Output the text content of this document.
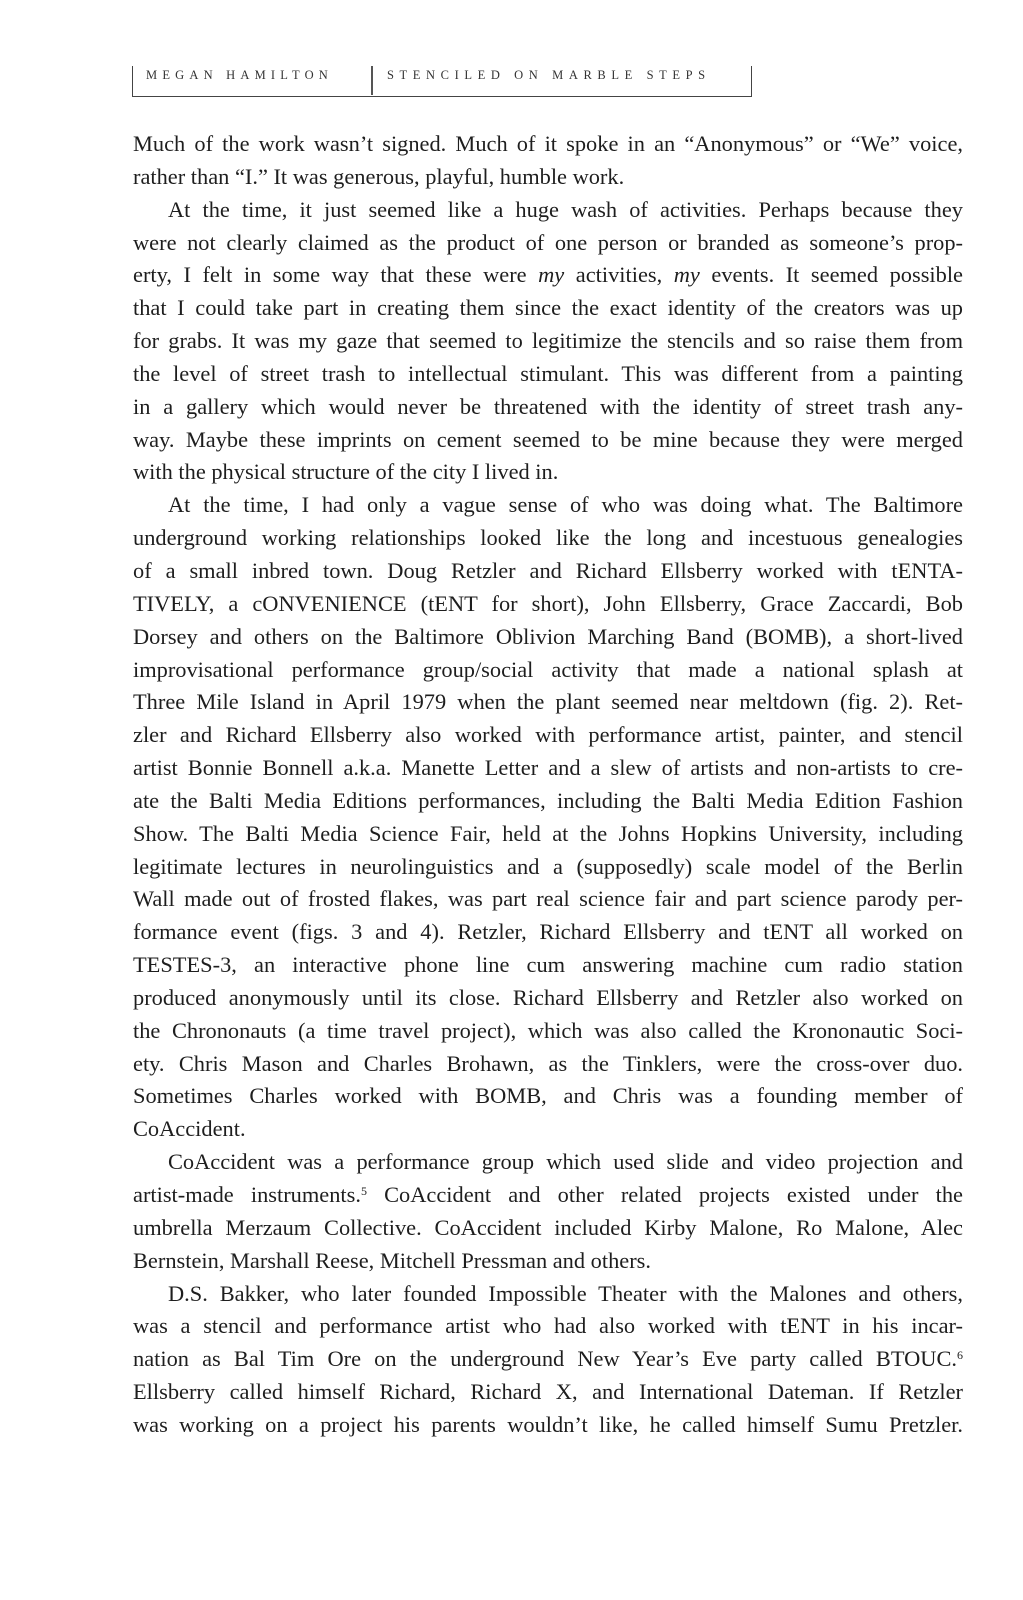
MEGAN HAMILTON	STENCILED ON MARBLE STEPS

Much of the work wasn’t signed. Much of it spoke in an “Anonymous” or “We” voice,
rather than “I.” It was generous, playful, humble work.

At the time, it just seemed like a huge wash of activities. Perhaps because they
were not clearly claimed as the product of one person or branded as someone’s prop-
erty, I felt in some way that these were my activities, my events. It seemed possible
that I could take part in creating them since the exact identity of the creators was up
for grabs. It was my gaze that seemed to legitimize the stencils and so raise them from
the level of street trash to intellectual stimulant. This was different from a painting
in a gallery which would never be threatened with the identity of street trash any-
way. Maybe these imprints on cement seemed to be mine because they were merged
with the physical structure of the city I lived in.

At the time, I had only a vague sense of who was doing what. The Baltimore
underground working relationships looked like the long and incestuous genealogies
of a small inbred town. Doug Retzler and Richard Ellsberry worked with tENTA-
TIVELY, a cONVENIENCE (tENT for short), John Ellsberry, Grace Zaccardi, Bob
Dorsey and others on the Baltimore Oblivion Marching Band (BOMB), a short-lived
improvisational performance group/social activity that made a national splash at
Three Mile Island in April 1979 when the plant seemed near meltdown (fig. 2). Ret-
zler and Richard Ellsberry also worked with performance artist, painter, and stencil
artist Bonnie Bonnell a.k.a. Manette Letter and a slew of artists and non-artists to cre-
ate the Balti Media Editions performances, including the Balti Media Edition Fashion
Show. The Balti Media Science Fair, held at the Johns Hopkins University, including
legitimate lectures in neurolinguistics and a (supposedly) scale model of the Berlin
Wall made out of frosted flakes, was part real science fair and part science parody per-
formance event (figs. 3 and 4). Retzler, Richard Ellsberry and tENT all worked on
TESTES-3, an interactive phone line cum answering machine cum radio station
produced anonymously until its close. Richard Ellsberry and Retzler also worked on
the Chrononauts (a time travel project), which was also called the Krononautic Soci-
ety. Chris Mason and Charles Brohawn, as the Tinklers, were the cross-over duo.
Sometimes Charles worked with BOMB, and Chris was a founding member of
CoAccident.

CoAccident was a performance group which used slide and video projection and
artist-made instruments.$^5$ CoAccident and other related projects existed under the
umbrella Merzaum Collective. CoAccident included Kirby Malone, Ro Malone, Alec
Bernstein, Marshall Reese, Mitchell Pressman and others.

D.S. Bakker, who later founded Impossible Theater with the Malones and others,
was a stencil and performance artist who had also worked with tENT in his incar-
nation as Bal Tim Ore on the underground New Year’s Eve party called BTOUC.$^6$
Ellsberry called himself Richard, Richard X, and International Dateman. If Retzler
was working on a project his parents wouldn’t like, he called himself Sumu Pretzler.
